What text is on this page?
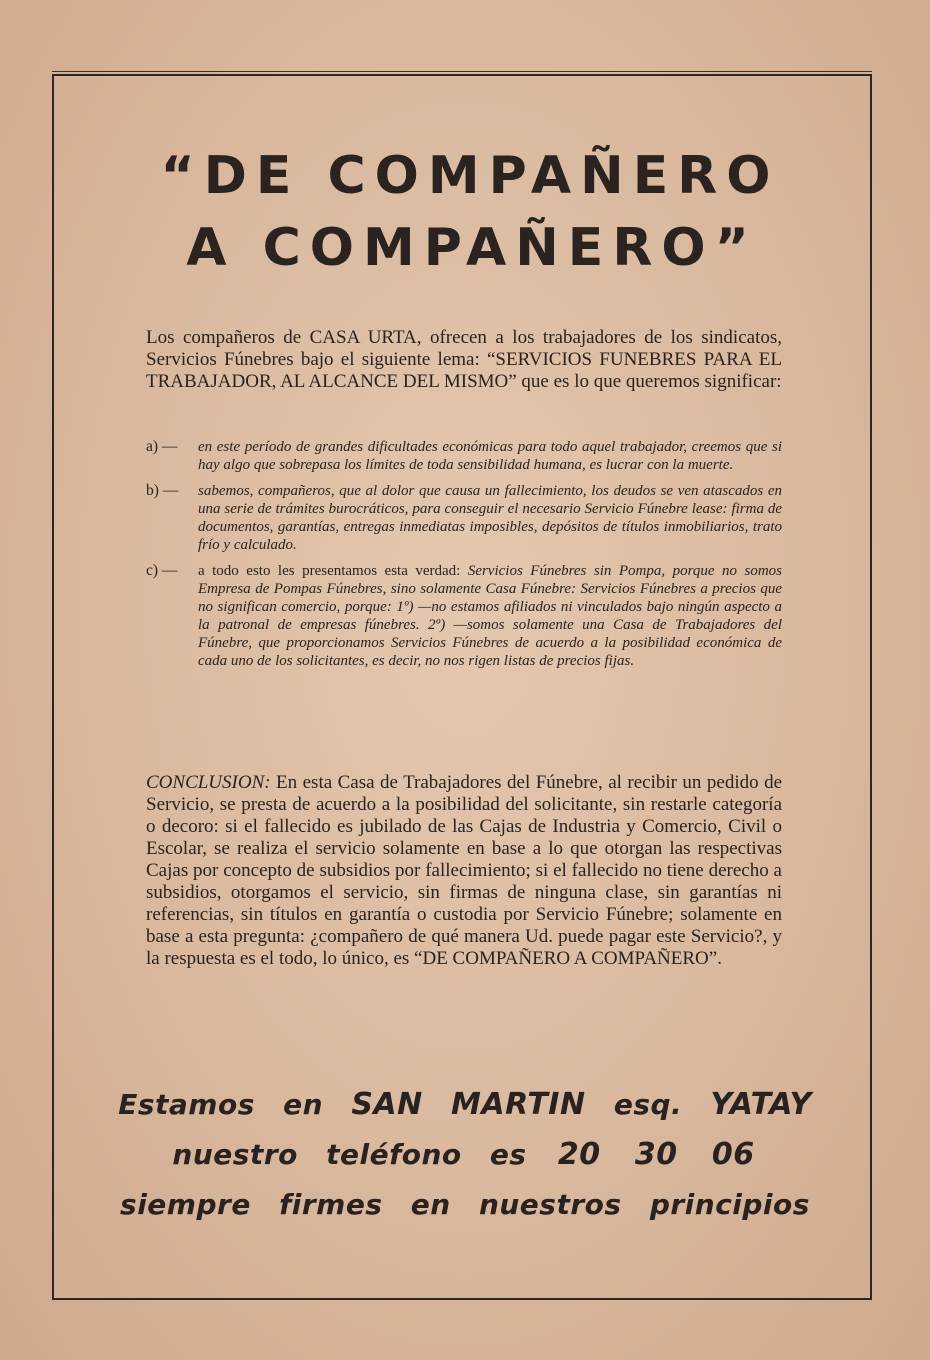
“DE COMPAÑERO
A COMPAÑERO”
Los compañeros de CASA URTA, ofrecen a los trabajadores de los sindicatos, Servicios Fúnebres bajo el siguiente lema: “SERVICIOS FUNEBRES PARA EL TRABAJADOR, AL ALCANCE DEL MISMO” que es lo que queremos significar:
a) —	en este período de grandes dificultades económicas para todo aquel trabajador, creemos que si hay algo que sobrepasa los límites de toda sensibilidad humana, es lucrar con la muerte.
b) —	sabemos, compañeros, que al dolor que causa un fallecimiento, los deudos se ven atascados en una serie de trámites burocráticos, para conseguir el necesario Servicio Fúnebre lease: firma de documentos, garantías, entregas inmediatas imposibles, depósitos de títulos inmobiliarios, trato frío y calculado.
c) —	a todo esto les presentamos esta verdad: Servicios Fúnebres sin Pompa, porque no somos Empresa de Pompas Fúnebres, sino solamente Casa Fúnebre: Servicios Fúnebres a precios que no significan comercio, porque: 1º) —no estamos afiliados ni vinculados bajo ningún aspecto a la patronal de empresas fúnebres. 2º) —somos solamente una Casa de Trabajadores del Fúnebre, que proporcionamos Servicios Fúnebres de acuerdo a la posibilidad económica de cada uno de los solicitantes, es decir, no nos rigen listas de precios fijas.
CONCLUSION: En esta Casa de Trabajadores del Fúnebre, al recibir un pedido de Servicio, se presta de acuerdo a la posibilidad del solicitante, sin restarle categoría o decoro: si el fallecido es jubilado de las Cajas de Industria y Comercio, Civil o Escolar, se realiza el servicio solamente en base a lo que otorgan las respectivas Cajas por concepto de subsidios por fallecimiento; si el fallecido no tiene derecho a subsidios, otorgamos el servicio, sin firmas de ninguna clase, sin garantías ni referencias, sin títulos en garantía o custodia por Servicio Fúnebre; solamente en base a esta pregunta: ¿compañero de qué manera Ud. puede pagar este Servicio?, y la respuesta es el todo, lo único, es “DE COMPAÑERO A COMPAÑERO”.
Estamos en SAN MARTIN esq. YATAY
nuestro teléfono es 20 30 06
siempre firmes en nuestros principios
